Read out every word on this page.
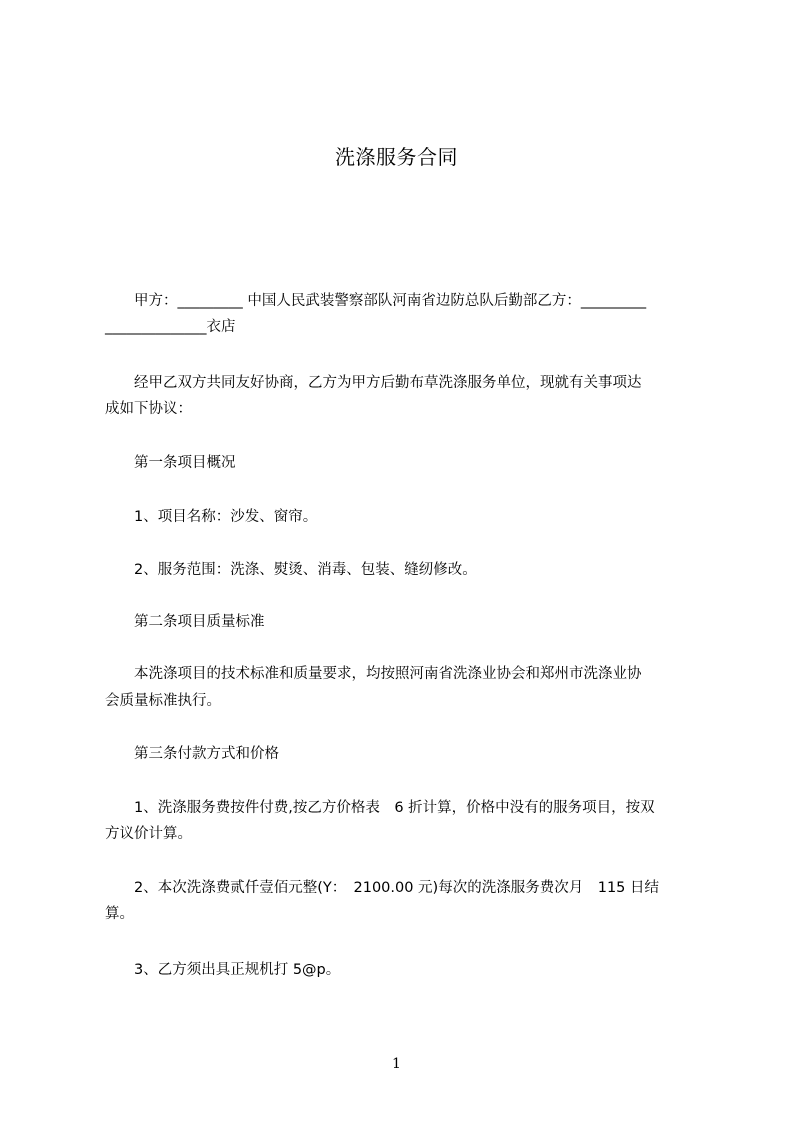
洗涤服务合同
　　甲方：_________ 中国人民武装警察部队河南省边防总队后勤部乙方：_________
______________衣店
　　经甲乙双方共同友好协商，乙方为甲方后勤布草洗涤服务单位，现就有关事项达
成如下协议：
　　第一条项目概况
　　1、项目名称：沙发、窗帘。
　　2、服务范围：洗涤、熨烫、消毒、包装、缝纫修改。
　　第二条项目质量标准
　　本洗涤项目的技术标准和质量要求，均按照河南省洗涤业协会和郑州市洗涤业协
会质量标准执行。
　　第三条付款方式和价格
　　1、洗涤服务费按件付费,按乙方价格表　6 折计算，价格中没有的服务项目，按双
方议价计算。
　　2、本次洗涤费贰仟壹佰元整(Y：　2100.00 元)每次的洗涤服务费次月　115 日结
算。
　　3、乙方须出具正规机打 5@p。
1
